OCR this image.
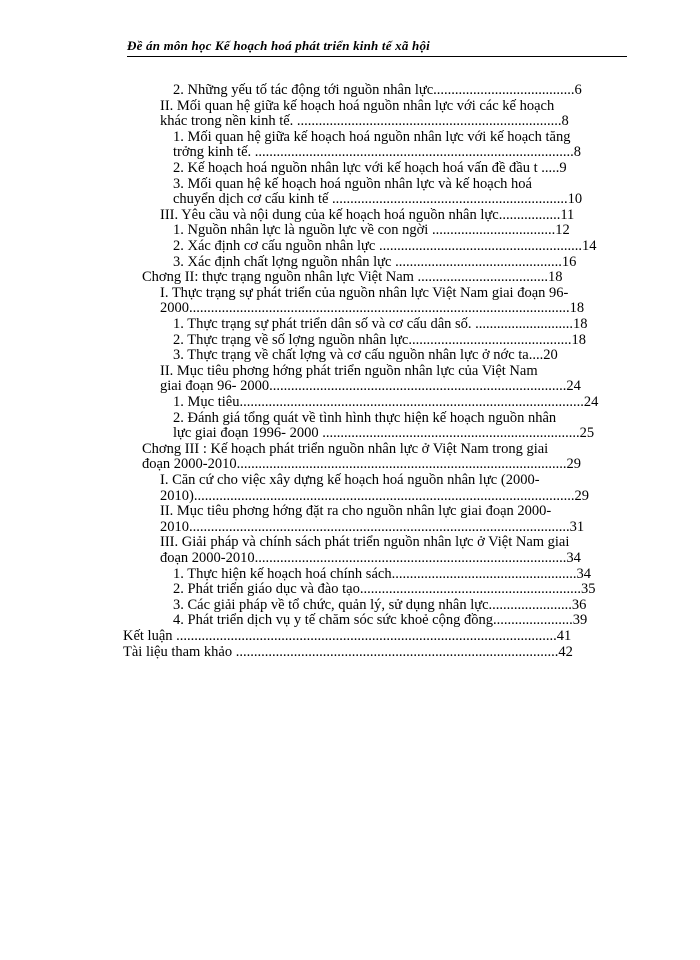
Đề án môn học Kế hoạch hoá phát triển kinh tế xã hội
2. Những yếu tố tác động tới nguồn nhân lực.......................................6
II. Mối quan hệ giữa kế hoạch hoá nguồn nhân lực với các kế hoạch
khác trong nền kinh tế. .........................................................................8
1. Mối quan hệ giữa kế hoạch hoá nguồn nhân lực với kế hoạch tăng
trởng kinh tế. ........................................................................................8
2. Kế hoạch hoá nguồn nhân lực với kế hoạch hoá vấn đề đầu t .....9
3. Mối quan hệ kế hoạch hoá nguồn nhân lực và kế hoạch hoá
chuyển dịch cơ cấu kinh tế .................................................................10
III. Yêu cầu và nội dung của kế hoạch hoá nguồn nhân lực.................11
1. Nguồn nhân lực là nguồn lực về con ngời ..................................12
2. Xác định cơ cấu nguồn nhân lực ........................................................14
3. Xác định chất lợng nguồn nhân lực ..............................................16
Chơng II: thực trạng nguồn nhân lực Việt Nam ....................................18
I. Thực trạng sự phát triển của nguồn nhân lực Việt Nam giai đoạn 96-
2000.........................................................................................................18
1. Thực trạng sự phát triển dân số và cơ cấu dân số. ...........................18
2. Thực trạng về số lợng nguồn nhân lực.............................................18
3. Thực trạng về chất lợng và cơ cấu nguồn nhân lực ở nớc ta....20
II. Mục tiêu phơng hớng phát triển nguồn nhân lực của Việt Nam
giai đoạn 96- 2000..................................................................................24
1. Mục tiêu...............................................................................................24
2. Đánh giá tổng quát về tình hình thực hiện kế hoạch nguồn nhân
lực giai đoạn 1996- 2000 .......................................................................25
Chơng III : Kế hoạch phát triển nguồn nhân lực ở Việt Nam trong giai
đoạn 2000-2010...........................................................................................29
I. Căn cứ cho việc xây dựng kế hoạch hoá nguồn nhân lực (2000-
2010).........................................................................................................29
II. Mục tiêu phơng hớng đặt ra cho nguồn nhân lực giai đoạn 2000-
2010.........................................................................................................31
III. Giải pháp và chính sách phát triển nguồn nhân lực ở Việt Nam giai
đoạn 2000-2010......................................................................................34
1. Thực hiện kế hoạch hoá chính sách...................................................34
2. Phát triển giáo dục và đào tạo.............................................................35
3. Các giải pháp về tổ chức, quản lý, sử dụng nhân lực.......................36
4. Phát triển dịch vụ y tế chăm sóc sức khoẻ cộng đồng......................39
Kết luận .........................................................................................................41
Tài liệu tham khảo .........................................................................................42
